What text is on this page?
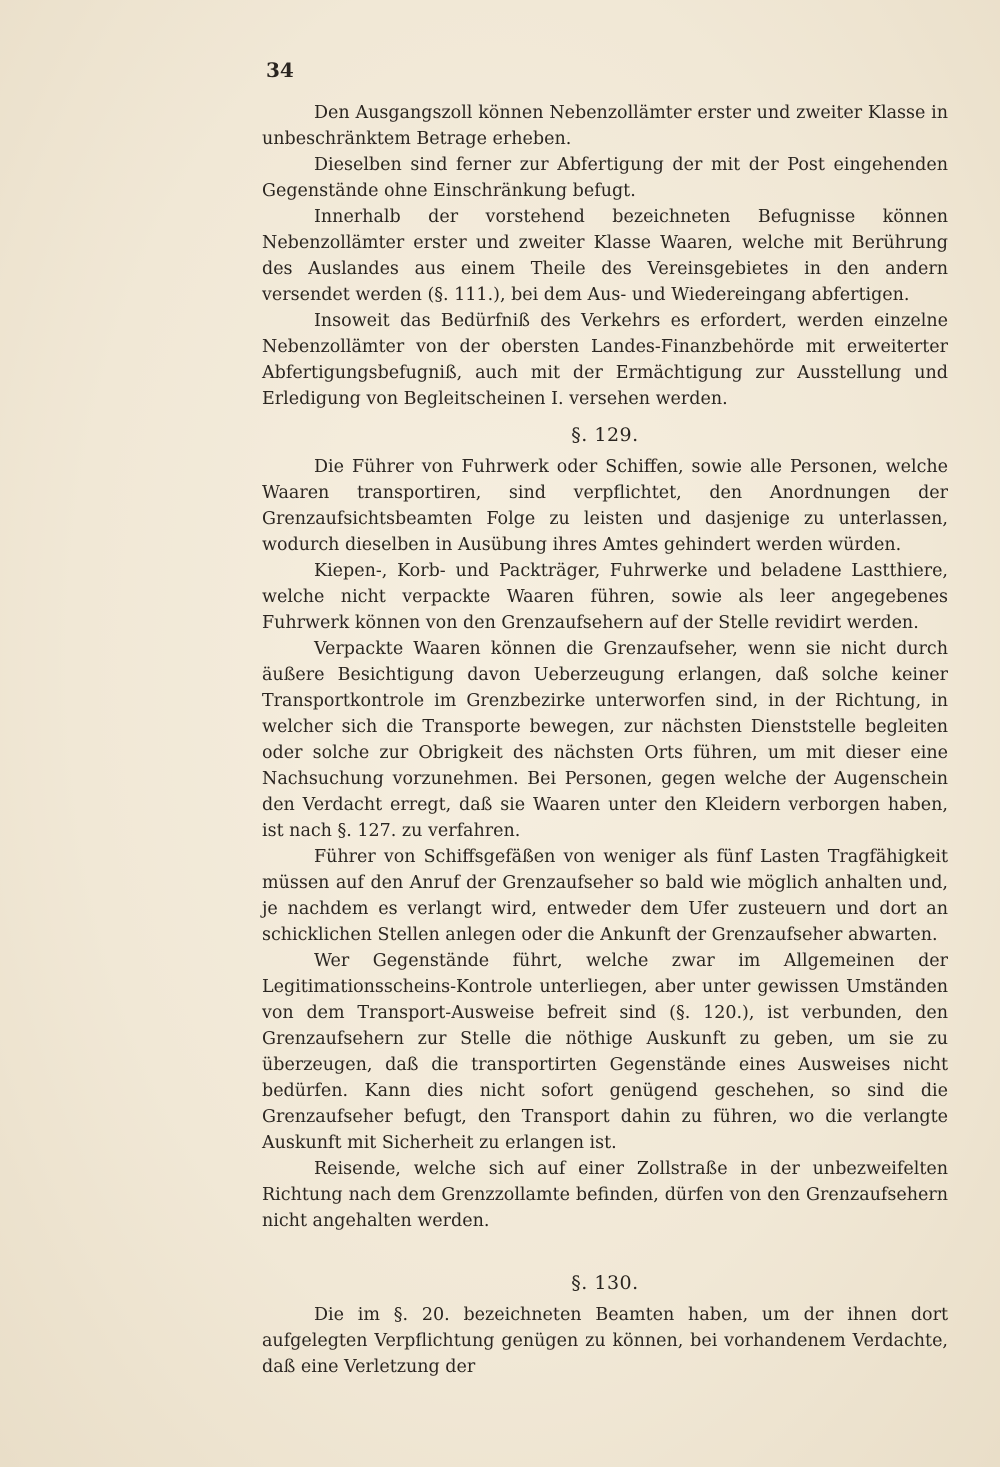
34

Den Ausgangszoll können Nebenzollämter erster und zweiter Klasse in unbeschränktem Betrage erheben.

Dieselben sind ferner zur Abfertigung der mit der Post eingehenden Gegenstände ohne Einschränkung befugt.

Innerhalb der vorstehend bezeichneten Befugnisse können Nebenzollämter erster und zweiter Klasse Waaren, welche mit Berührung des Auslandes aus einem Theile des Vereinsgebietes in den andern versendet werden (§. 111.), bei dem Aus- und Wiedereingang abfertigen.

Insoweit das Bedürfniß des Verkehrs es erfordert, werden einzelne Nebenzollämter von der obersten Landes-Finanzbehörde mit erweiterter Abfertigungsbefugniß, auch mit der Ermächtigung zur Ausstellung und Erledigung von Begleitscheinen I. versehen werden.

§. 129.

Die Führer von Fuhrwerk oder Schiffen, sowie alle Personen, welche Waaren transportiren, sind verpflichtet, den Anordnungen der Grenzaufsichtsbeamten Folge zu leisten und dasjenige zu unterlassen, wodurch dieselben in Ausübung ihres Amtes gehindert werden würden.

Kiepen-, Korb- und Packträger, Fuhrwerke und beladene Lastthiere, welche nicht verpackte Waaren führen, sowie als leer angegebenes Fuhrwerk können von den Grenzaufsehern auf der Stelle revidirt werden.

Verpackte Waaren können die Grenzaufseher, wenn sie nicht durch äußere Besichtigung davon Ueberzeugung erlangen, daß solche keiner Transportkontrole im Grenzbezirke unterworfen sind, in der Richtung, in welcher sich die Transporte bewegen, zur nächsten Dienststelle begleiten oder solche zur Obrigkeit des nächsten Orts führen, um mit dieser eine Nachsuchung vorzunehmen. Bei Personen, gegen welche der Augenschein den Verdacht erregt, daß sie Waaren unter den Kleidern verborgen haben, ist nach §. 127. zu verfahren.

Führer von Schiffsgefäßen von weniger als fünf Lasten Tragfähigkeit müssen auf den Anruf der Grenzaufseher so bald wie möglich anhalten und, je nachdem es verlangt wird, entweder dem Ufer zusteuern und dort an schicklichen Stellen anlegen oder die Ankunft der Grenzaufseher abwarten.

Wer Gegenstände führt, welche zwar im Allgemeinen der Legitimationsscheins-Kontrole unterliegen, aber unter gewissen Umständen von dem Transport-Ausweise befreit sind (§. 120.), ist verbunden, den Grenzaufsehern zur Stelle die nöthige Auskunft zu geben, um sie zu überzeugen, daß die transportirten Gegenstände eines Ausweises nicht bedürfen. Kann dies nicht sofort genügend geschehen, so sind die Grenzaufseher befugt, den Transport dahin zu führen, wo die verlangte Auskunft mit Sicherheit zu erlangen ist.

Reisende, welche sich auf einer Zollstraße in der unbezweifelten Richtung nach dem Grenzzollamte befinden, dürfen von den Grenzaufsehern nicht angehalten werden.

§. 130.

Die im §. 20. bezeichneten Beamten haben, um der ihnen dort aufgelegten Verpflichtung genügen zu können, bei vorhandenem Verdachte, daß eine Verletzung der
